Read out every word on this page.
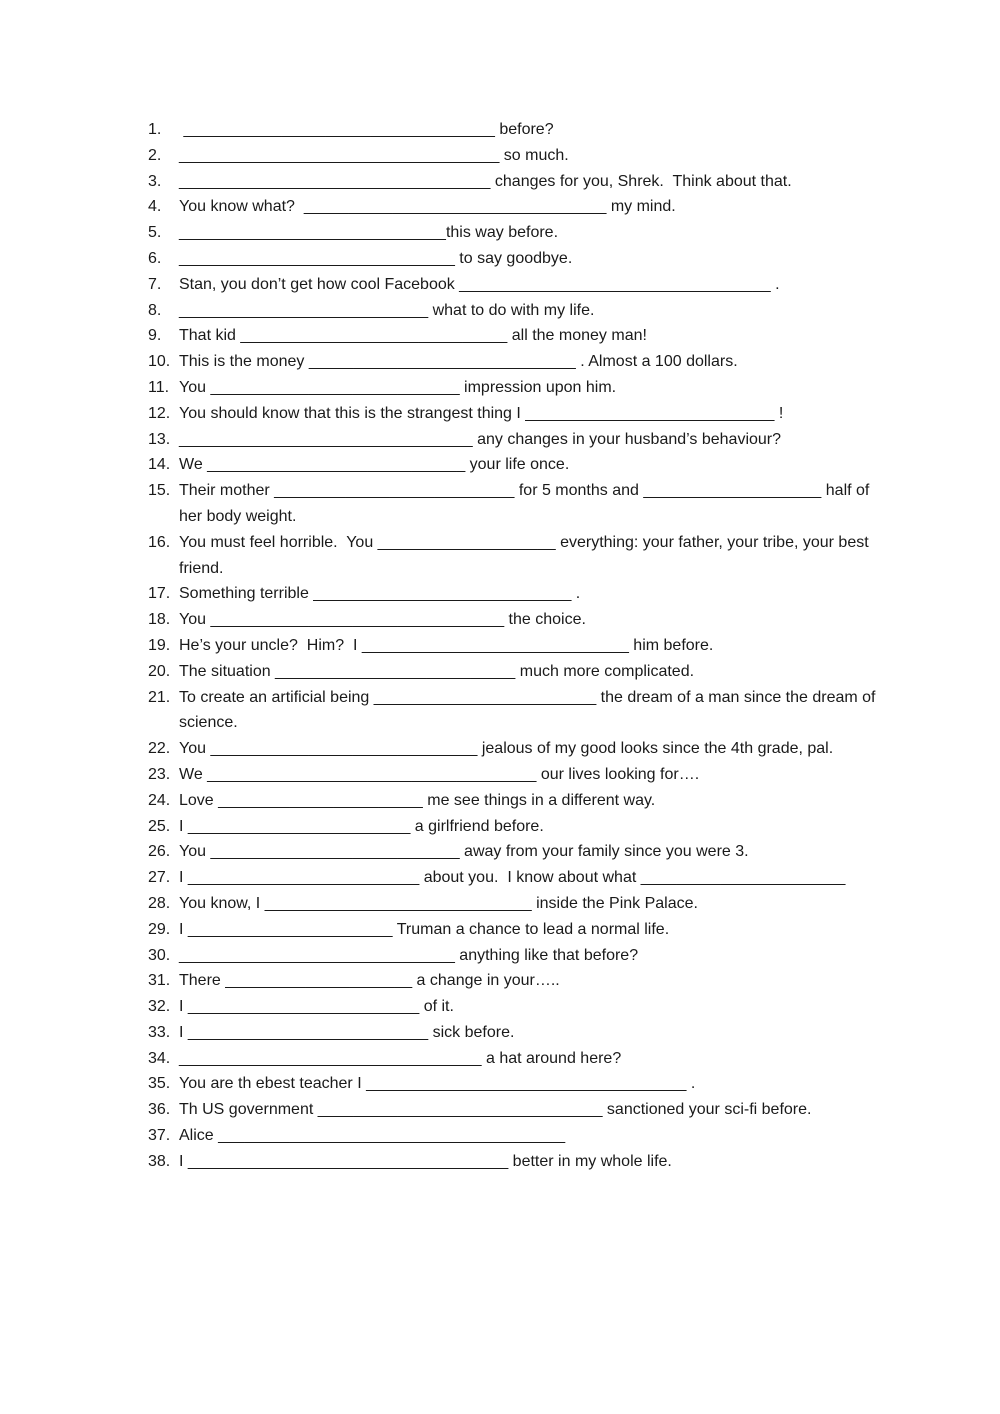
1.	___________________________________ before?
2.	____________________________________ so much.
3.	___________________________________ changes for you, Shrek.  Think about that.
4.	You know what?  __________________________________ my mind.
5.	______________________________this way before.
6.	_______________________________ to say goodbye.
7.	Stan, you don’t get how cool Facebook ___________________________________ .
8.	____________________________ what to do with my life.
9.	That kid ______________________________ all the money man!
10. This is the money ______________________________ . Almost a 100 dollars.
11. You ____________________________ impression upon him.
12. You should know that this is the strangest thing I ____________________________ !
13. _________________________________ any changes in your husband’s behaviour?
14. We _____________________________ your life once.
15. Their mother ___________________________ for 5 months and ____________________ half of her body weight.
16. You must feel horrible.  You ____________________ everything: your father, your tribe, your best friend.
17. Something terrible _____________________________ .
18. You _________________________________ the choice.
19. He’s your uncle?  Him?  I ______________________________ him before.
20. The situation ___________________________ much more complicated.
21. To create an artificial being _________________________ the dream of a man since the dream of science.
22. You ______________________________ jealous of my good looks since the 4th grade, pal.
23. We _____________________________________ our lives looking for….
24. Love _______________________ me see things in a different way.
25. I _________________________ a girlfriend before.
26. You ____________________________ away from your family since you were 3.
27. I __________________________ about you.  I know about what _______________________
28. You know, I ______________________________ inside the Pink Palace.
29. I _______________________ Truman a chance to lead a normal life.
30. _______________________________ anything like that before?
31. There _____________________ a change in your…..
32. I __________________________ of it.
33. I ___________________________ sick before.
34. __________________________________ a hat around here?
35. You are th ebest teacher I ____________________________________ .
36. Th US government ________________________________ sanctioned your sci-fi before.
37. Alice _______________________________________
38. I ____________________________________ better in my whole life.
